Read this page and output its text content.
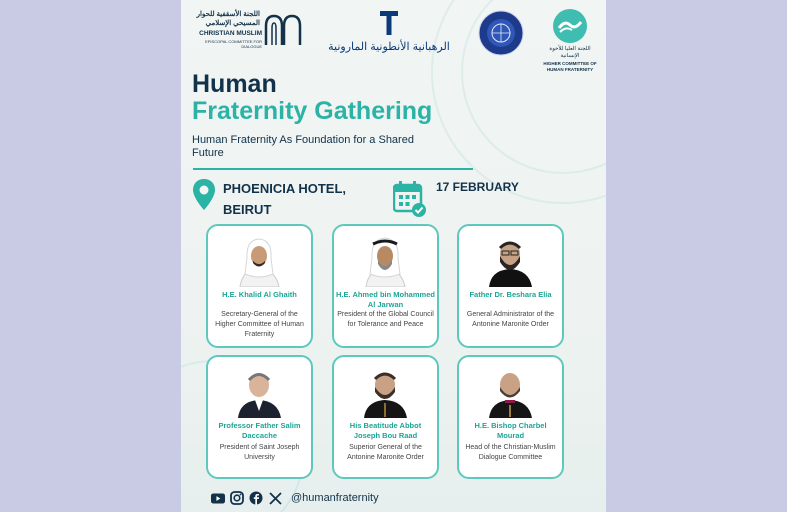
اللجنة الأسقفية للحوار المسيحي الإسلامي
CHRISTIAN MUSLIM
EPISCOPAL COMMITTEE FOR DIALOGUE	الرهبانية الأنطونية المارونية	اللجنة العليا للأخوة الإنسانية
HIGHER COMMITTEE OF HUMAN FRATERNITY
Human
Fraternity Gathering
Human Fraternity As Foundation for a Shared Future
PHOENICIA HOTEL,
BEIRUT
17 FEBRUARY
H.E. Khalid Al Ghaith
Secretary-General of the Higher Committee of Human Fraternity
H.E. Ahmed bin Mohammed Al Jarwan
President of the Global Council for Tolerance and Peace
Father Dr. Beshara Elia
General Administrator of the Antonine Maronite Order
Professor Father Salim Daccache
President of Saint Joseph University
His Beatitude Abbot Joseph Bou Raad
Superior General of the Antonine Maronite Order
H.E. Bishop Charbel Mourad
Head of the Christian-Muslim Dialogue Committee
@humanfraternity
